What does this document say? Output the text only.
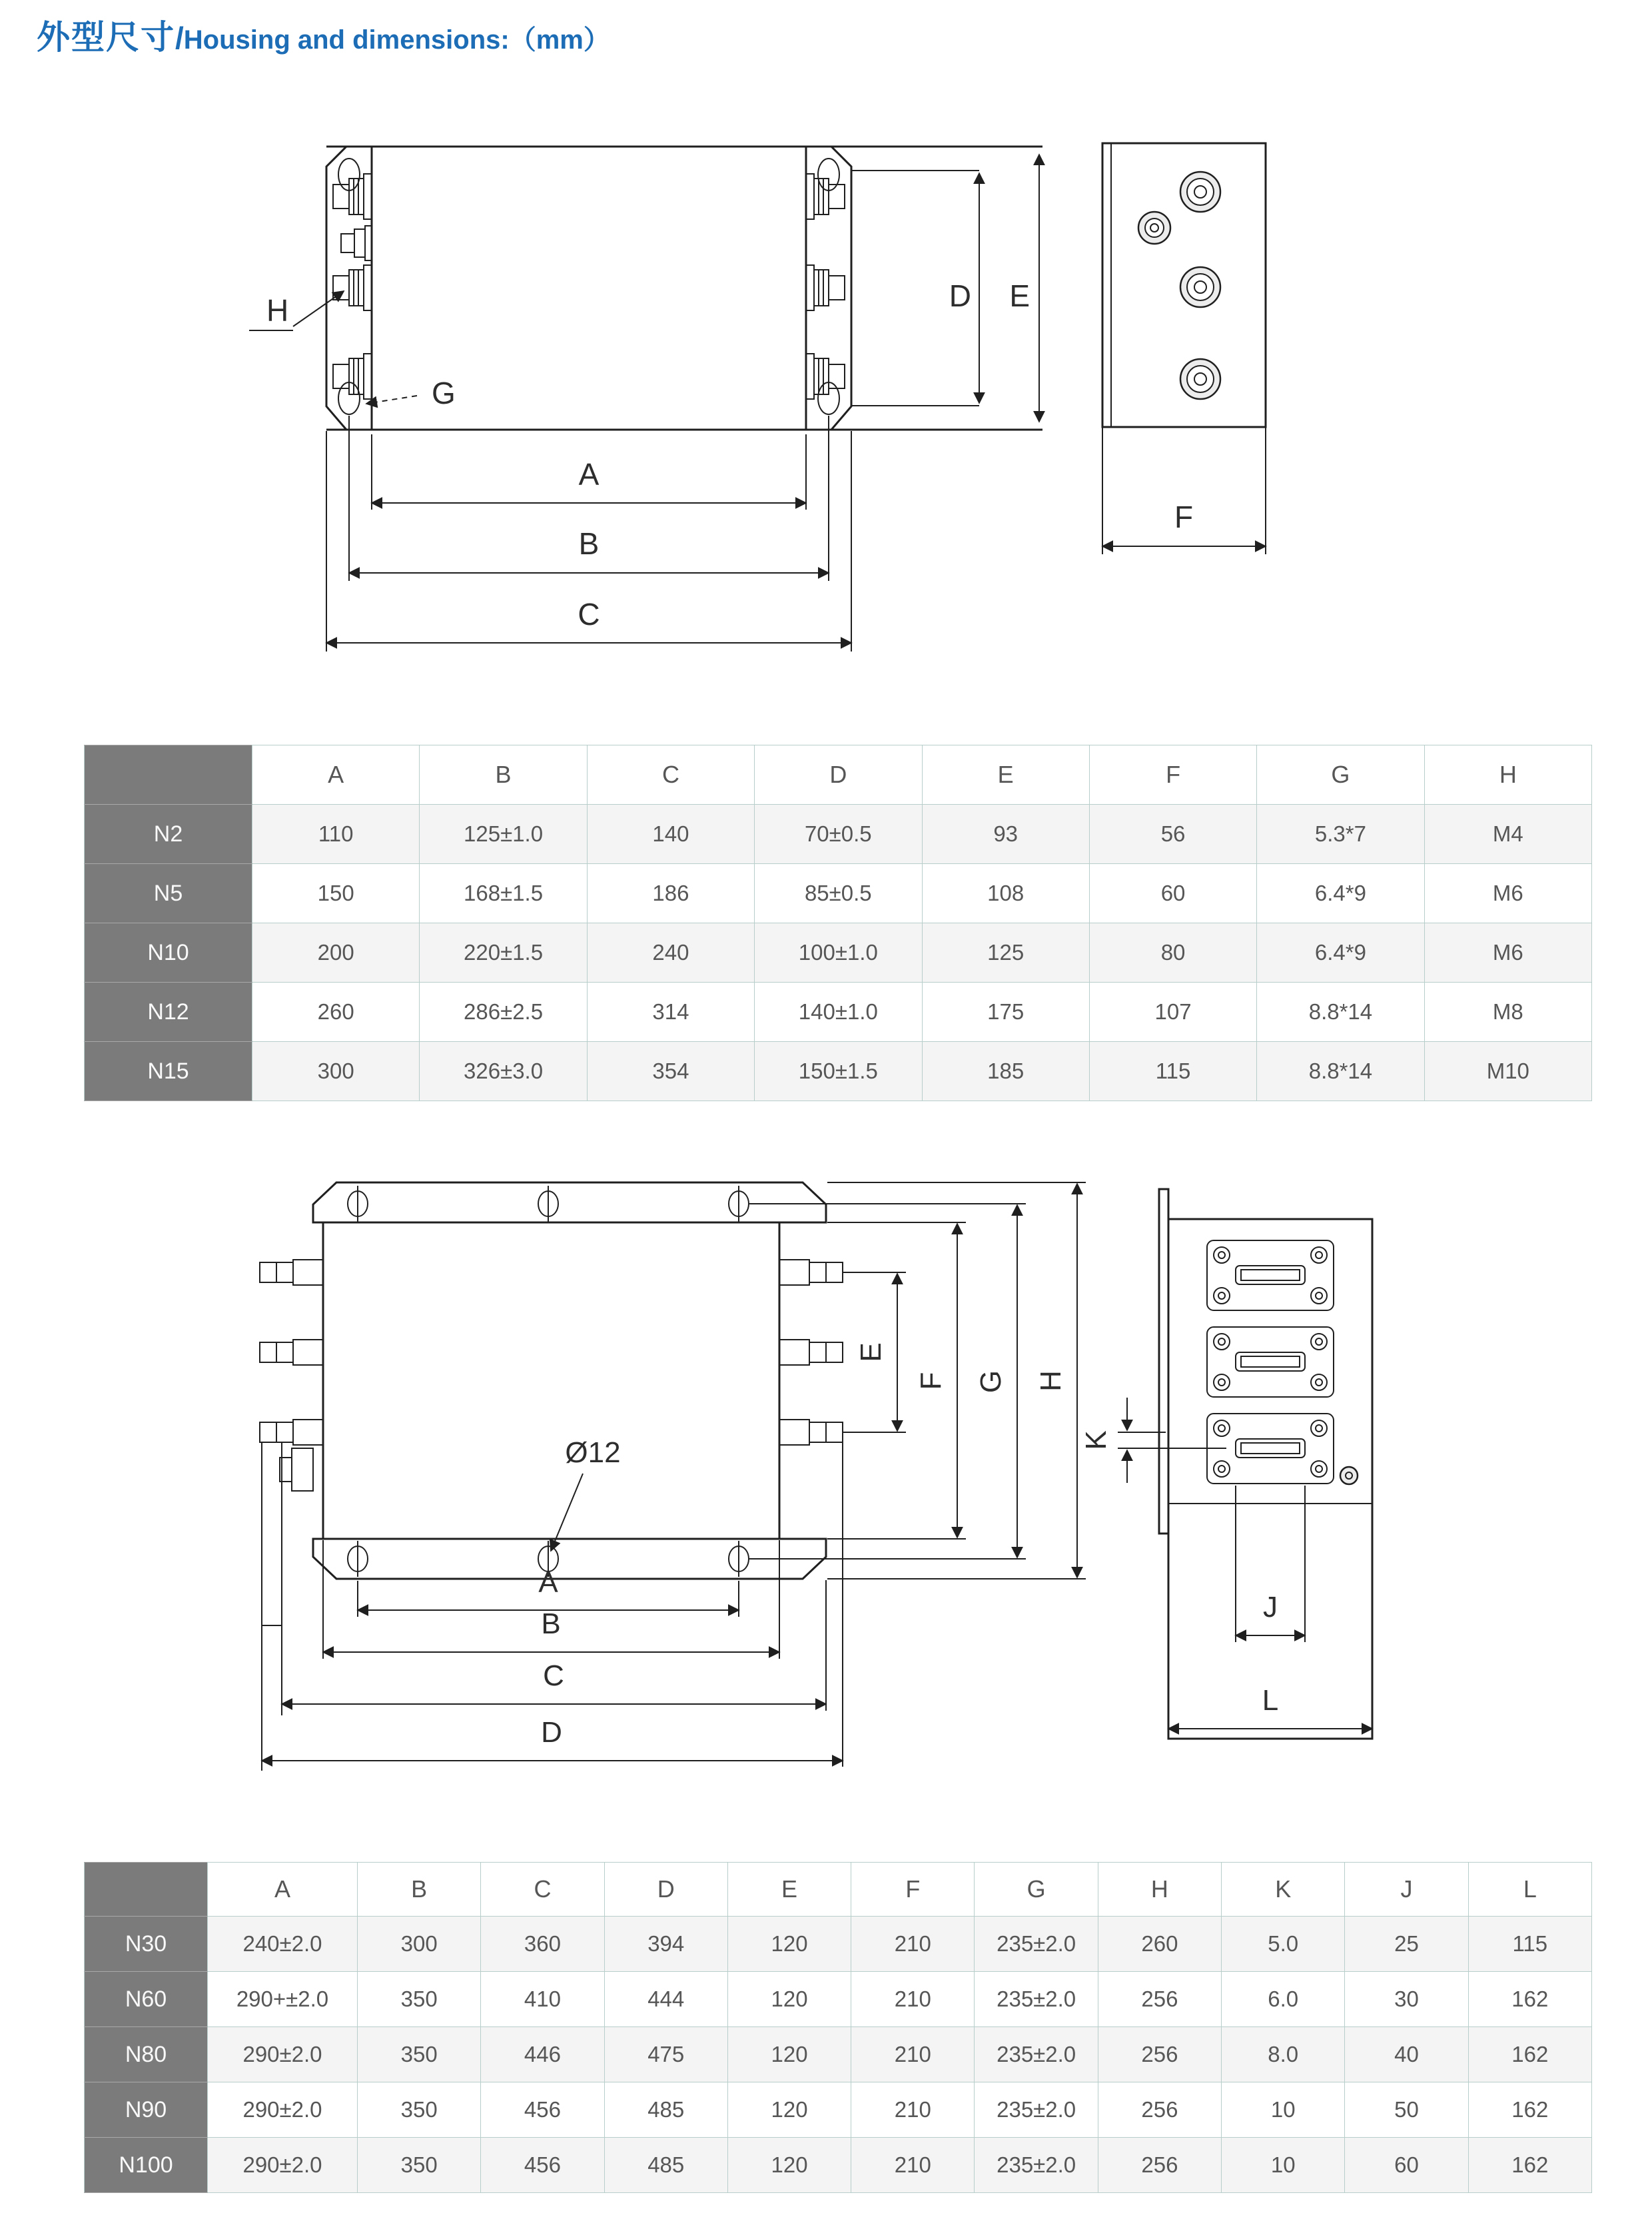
外型尺寸/Housing and dimensions:（mm）
H
G
D E
A
B
C
F
	A	B	C	D	E	F	G	H
N2	110	125±1.0	140	70±0.5	93	56	5.3*7	M4
N5	150	168±1.5	186	85±0.5	108	60	6.4*9	M6
N10	200	220±1.5	240	100±1.0	125	80	6.4*9	M6
N12	260	286±2.5	314	140±1.0	175	107	8.8*14	M8
N15	300	326±3.0	354	150±1.5	185	115	8.8*14	M10
Ø12
E
F G H
A
B
C
D
K
J
L
	A	B	C	D	E	F	G	H	K	J	L
N30	240±2.0	300	360	394	120	210	235±2.0	260	5.0	25	115
N60	290+±2.0	350	410	444	120	210	235±2.0	256	6.0	30	162
N80	290±2.0	350	446	475	120	210	235±2.0	256	8.0	40	162
N90	290±2.0	350	456	485	120	210	235±2.0	256	10	50	162
N100	290±2.0	350	456	485	120	210	235±2.0	256	10	60	162
